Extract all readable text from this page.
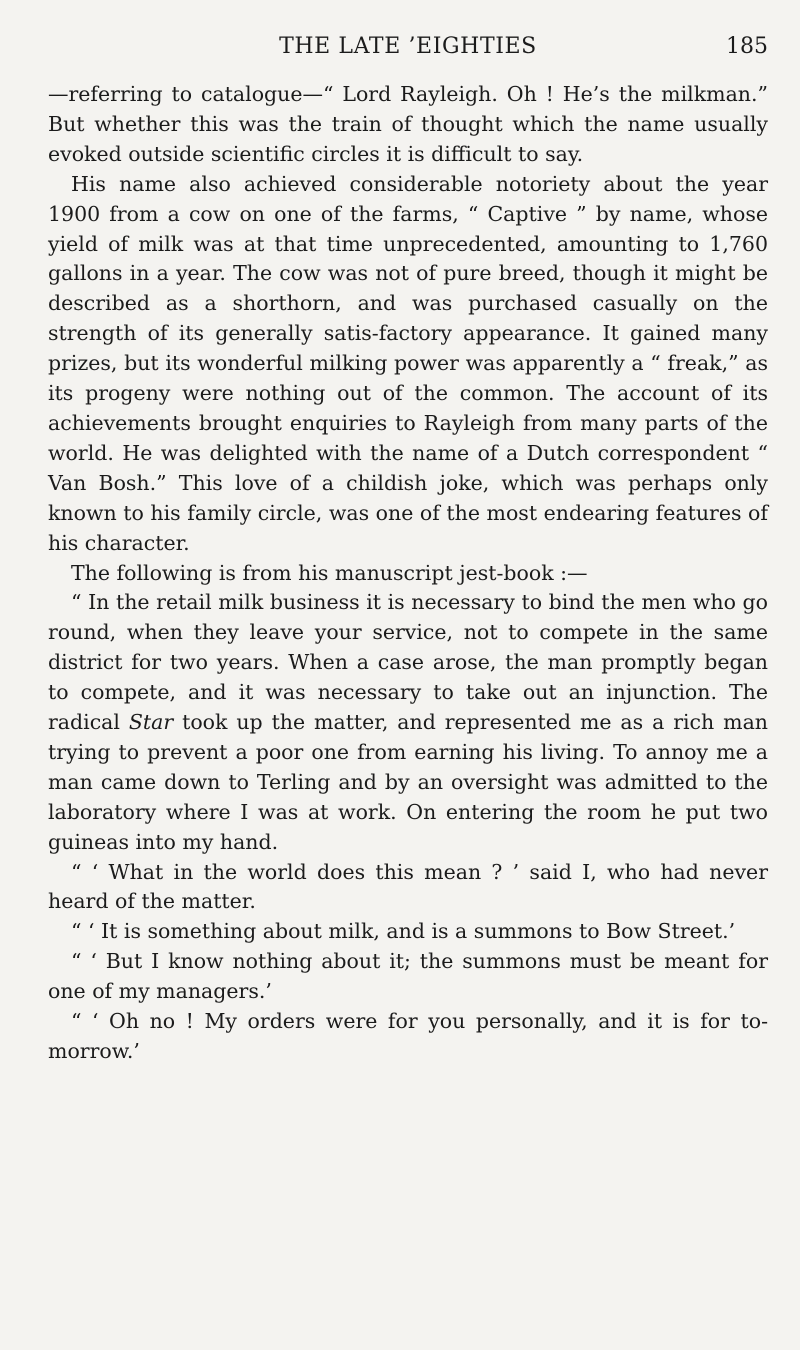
THE LATE ’EIGHTIES	185

—referring to catalogue—“ Lord Rayleigh. Oh ! He’s the milkman.” But whether this was the train of thought which the name usually evoked outside scientific circles it is difficult to say.

His name also achieved considerable notoriety about the year 1900 from a cow on one of the farms, “ Captive ” by name, whose yield of milk was at that time unprecedented, amounting to 1,760 gallons in a year. The cow was not of pure breed, though it might be described as a shorthorn, and was purchased casually on the strength of its generally satis-factory appearance. It gained many prizes, but its wonderful milking power was apparently a “ freak,” as its progeny were nothing out of the common. The account of its achievements brought enquiries to Rayleigh from many parts of the world. He was delighted with the name of a Dutch correspondent “ Van Bosh.” This love of a childish joke, which was perhaps only known to his family circle, was one of the most endearing features of his character.

The following is from his manuscript jest-book :—

“ In the retail milk business it is necessary to bind the men who go round, when they leave your service, not to compete in the same district for two years. When a case arose, the man promptly began to compete, and it was necessary to take out an injunction. The radical Star took up the matter, and represented me as a rich man trying to prevent a poor one from earning his living. To annoy me a man came down to Terling and by an oversight was admitted to the laboratory where I was at work. On entering the room he put two guineas into my hand.

“ ‘ What in the world does this mean ? ’ said I, who had never heard of the matter.

“ ‘ It is something about milk, and is a summons to Bow Street.’

“ ‘ But I know nothing about it; the summons must be meant for one of my managers.’

“ ‘ Oh no ! My orders were for you personally, and it is for to-morrow.’
